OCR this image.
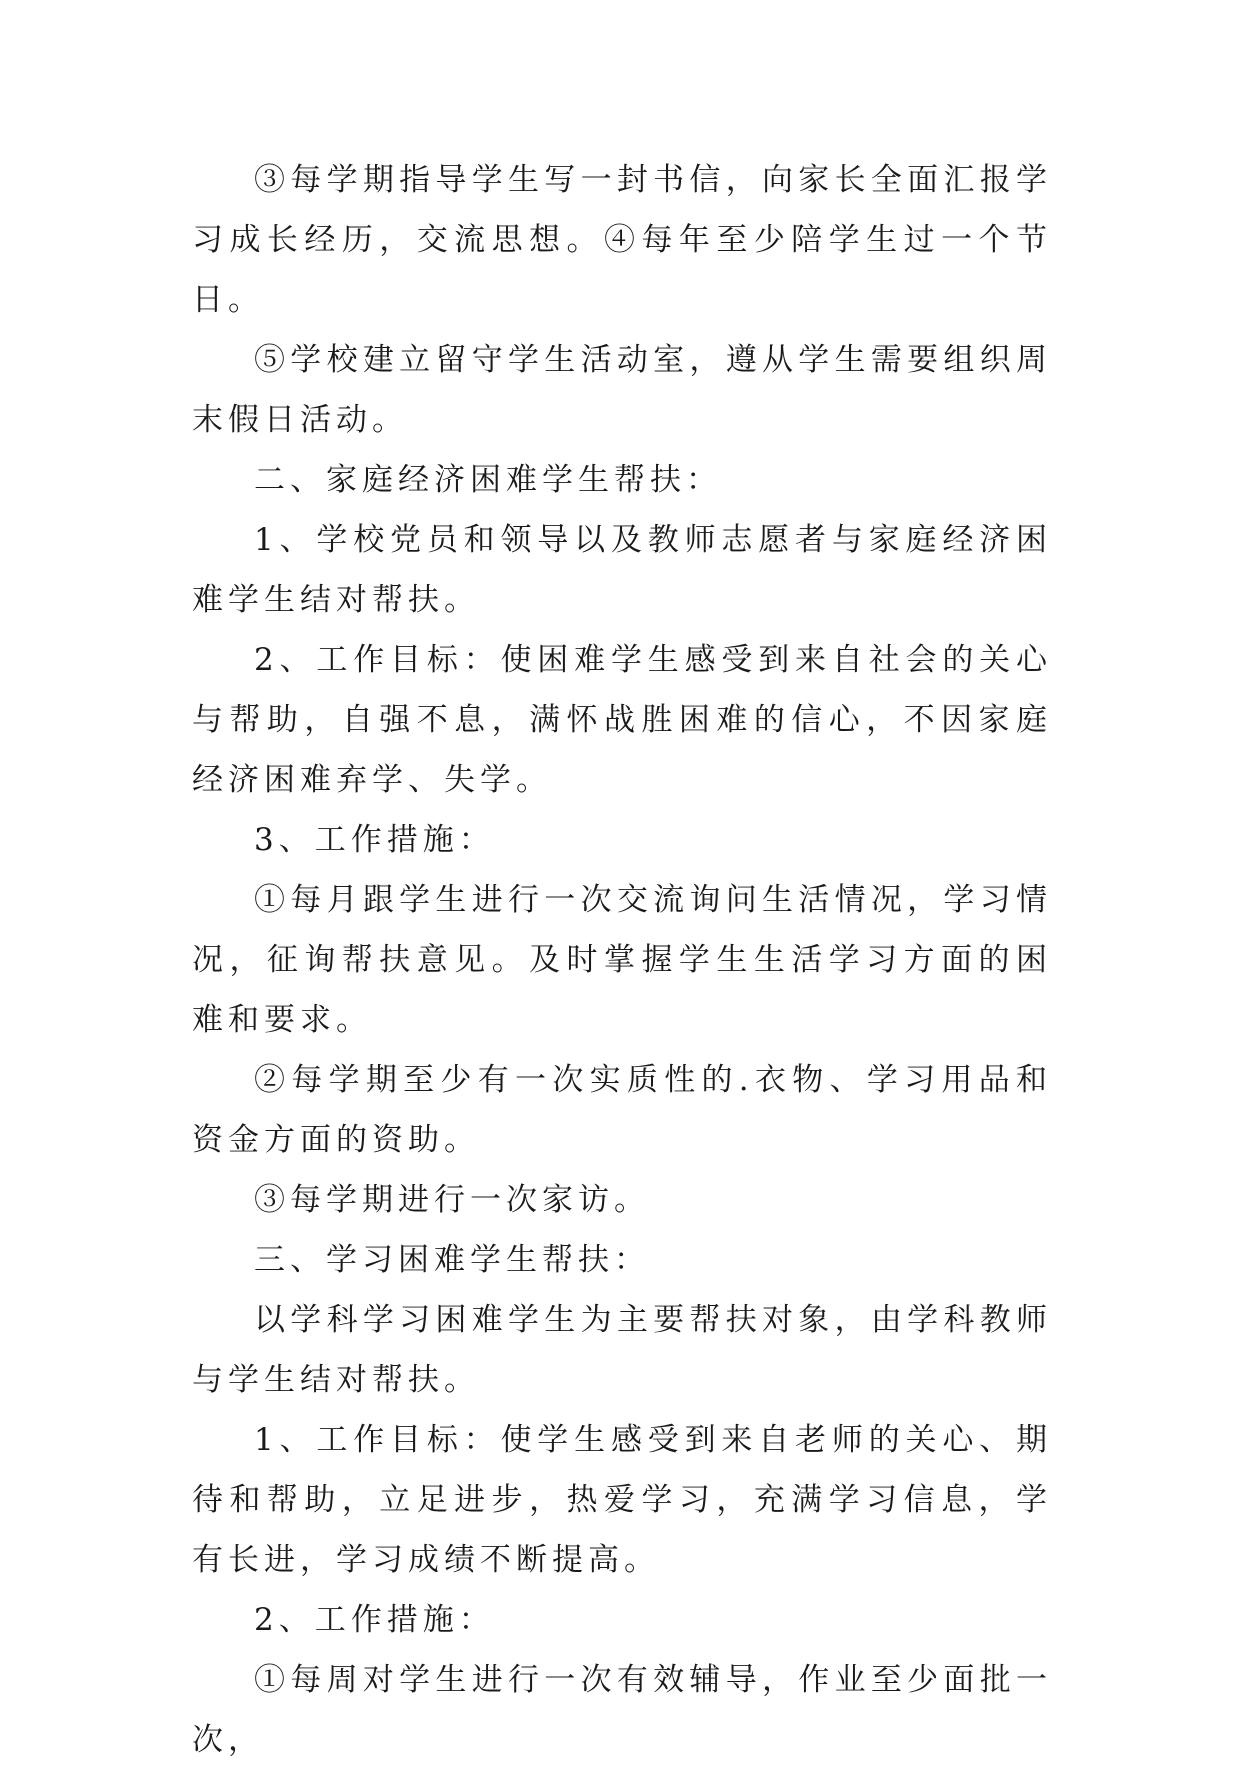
③每学期指导学生写一封书信，向家长全面汇报学习成长经历，交流思想。④每年至少陪学生过一个节日。

⑤学校建立留守学生活动室，遵从学生需要组织周末假日活动。

二、家庭经济困难学生帮扶：

1、学校党员和领导以及教师志愿者与家庭经济困难学生结对帮扶。

2、工作目标：使困难学生感受到来自社会的关心与帮助，自强不息，满怀战胜困难的信心，不因家庭经济困难弃学、失学。

3、工作措施：

①每月跟学生进行一次交流询问生活情况，学习情况，征询帮扶意见。及时掌握学生生活学习方面的困难和要求。

②每学期至少有一次实质性的.衣物、学习用品和资金方面的资助。

③每学期进行一次家访。

三、学习困难学生帮扶：

以学科学习困难学生为主要帮扶对象，由学科教师与学生结对帮扶。

1、工作目标：使学生感受到来自老师的关心、期待和帮助，立足进步，热爱学习，充满学习信息，学有长进，学习成绩不断提高。

2、工作措施：

①每周对学生进行一次有效辅导，作业至少面批一次，
